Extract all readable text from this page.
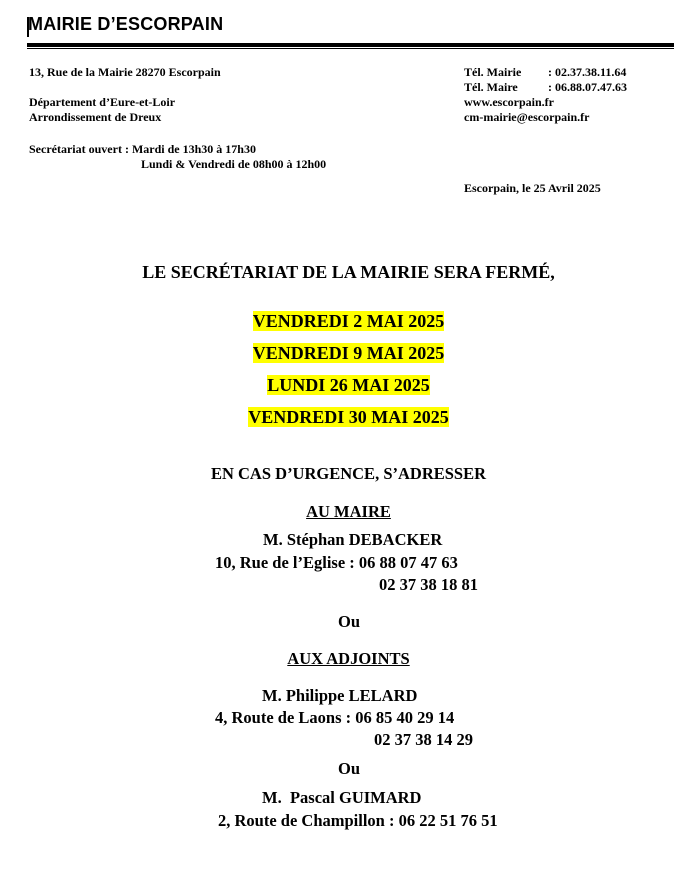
MAIRIE D’ESCORPAIN
13, Rue de la Mairie 28270 Escorpain
Département d’Eure-et-Loir
Arrondissement de Dreux
Secrétariat ouvert : Mardi de 13h30 à 17h30
Lundi & Vendredi de 08h00 à 12h00
Tél. Mairie : 02.37.38.11.64
Tél. Maire	: 06.88.07.47.63
www.escorpain.fr
cm-mairie@escorpain.fr
Escorpain, le 25 Avril 2025
LE SECRÉTARIAT DE LA MAIRIE SERA FERMÉ,
VENDREDI 2 MAI 2025
VENDREDI 9 MAI 2025
LUNDI 26 MAI 2025
VENDREDI 30 MAI 2025
EN CAS D’URGENCE, S’ADRESSER
AU MAIRE
M. Stéphan DEBACKER
10, Rue de l’Eglise : 06 88 07 47 63
02 37 38 18 81
Ou
AUX ADJOINTS
M. Philippe LELARD
4, Route de Laons : 06 85 40 29 14
02 37 38 14 29
Ou
M.  Pascal GUIMARD
2, Route de Champillon : 06 22 51 76 51
